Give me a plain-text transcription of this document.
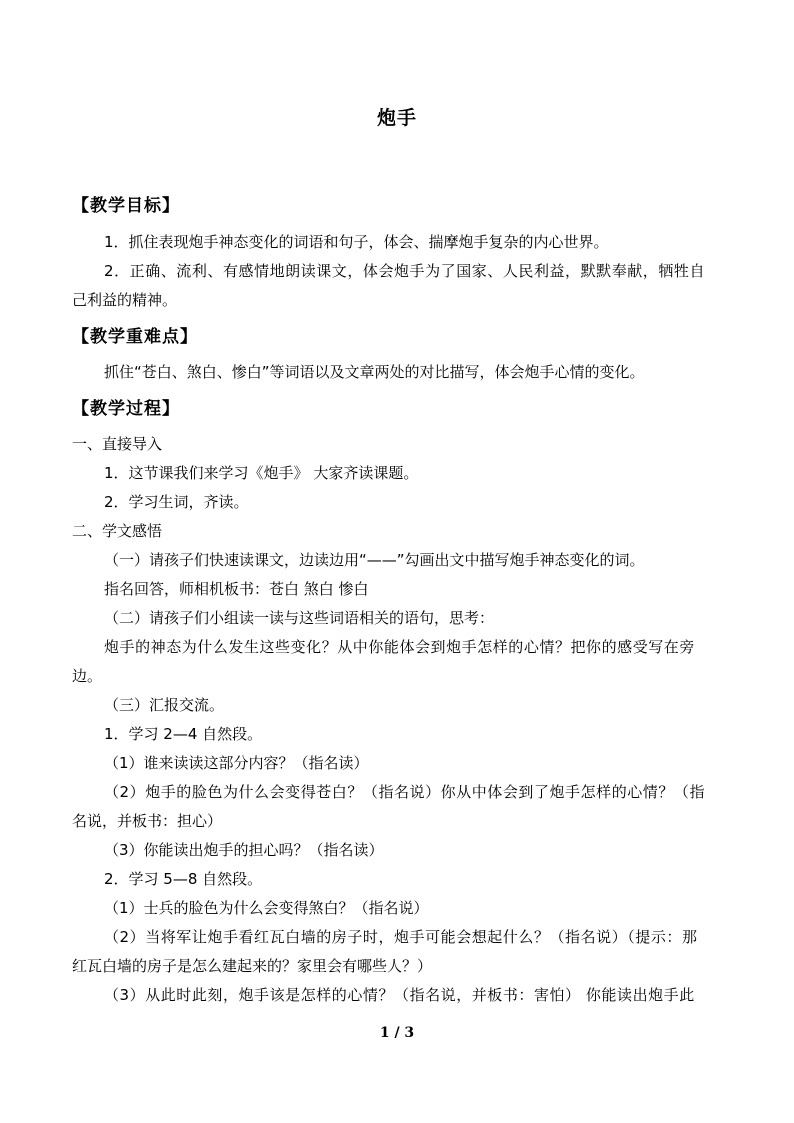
炮手
【教学目标】
1．抓住表现炮手神态变化的词语和句子，体会、揣摩炮手复杂的内心世界。
2．正确、流利、有感情地朗读课文，体会炮手为了国家、人民利益，默默奉献，牺牲自
己利益的精神。
【教学重难点】
抓住“苍白、煞白、惨白”等词语以及文章两处的对比描写，体会炮手心情的变化。
【教学过程】
一、直接导入
1．这节课我们来学习《炮手》 大家齐读课题。
2．学习生词，齐读。
二、学文感悟
（一）请孩子们快速读课文，边读边用“——”勾画出文中描写炮手神态变化的词。
指名回答，师相机板书：苍白 煞白 惨白
（二）请孩子们小组读一读与这些词语相关的语句，思考：
炮手的神态为什么发生这些变化？从中你能体会到炮手怎样的心情？把你的感受写在旁
边。
（三）汇报交流。
1．学习 2—4 自然段。
（1）谁来读读这部分内容？（指名读）
（2）炮手的脸色为什么会变得苍白？（指名说）你从中体会到了炮手怎样的心情？（指
名说，并板书：担心）
（3）你能读出炮手的担心吗？（指名读）
2．学习 5—8 自然段。
（1）士兵的脸色为什么会变得煞白？（指名说）
（2）当将军让炮手看红瓦白墙的房子时，炮手可能会想起什么？（指名说）（提示：那
红瓦白墙的房子是怎么建起来的？家里会有哪些人？）
（3）从此时此刻，炮手该是怎样的心情？（指名说，并板书：害怕） 你能读出炮手此
1 / 3
